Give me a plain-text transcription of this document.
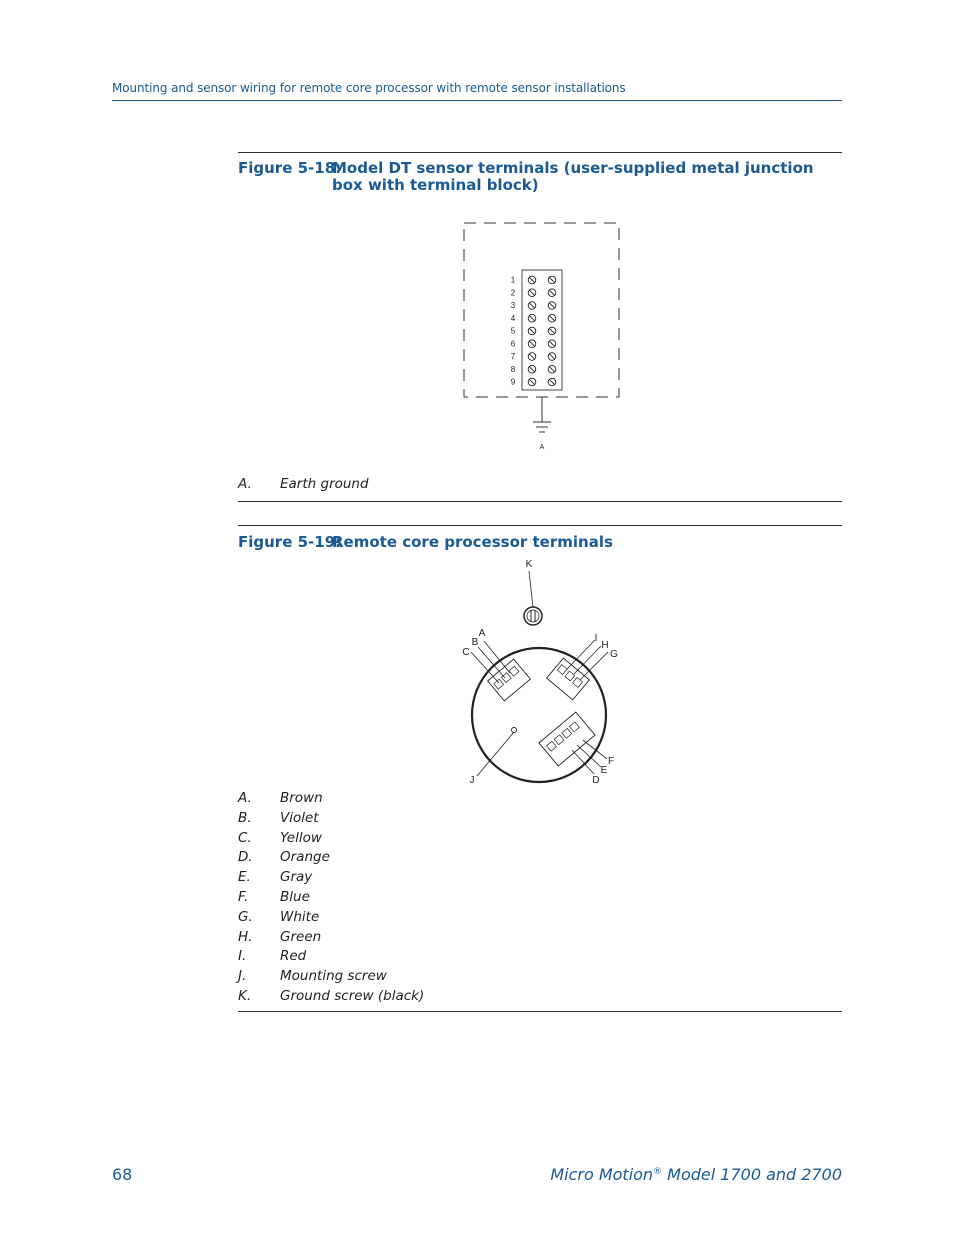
Mounting and sensor wiring for remote core processor with remote sensor installations
Figure 5-18:
Model DT sensor terminals (user-supplied metal junction box with terminal block)
1
2
3
4
5
6
7
8
9
A
A. Earth ground
Figure 5-19:
Remote core processor terminals
K
A
B
C
I
H
G
F
E
D
J
A. Brown
B. Violet
C. Yellow
D. Orange
E. Gray
F. Blue
G. White
H. Green
I. Red
J. Mounting screw
K. Ground screw (black)
68	Micro Motion® Model 1700 and 2700
